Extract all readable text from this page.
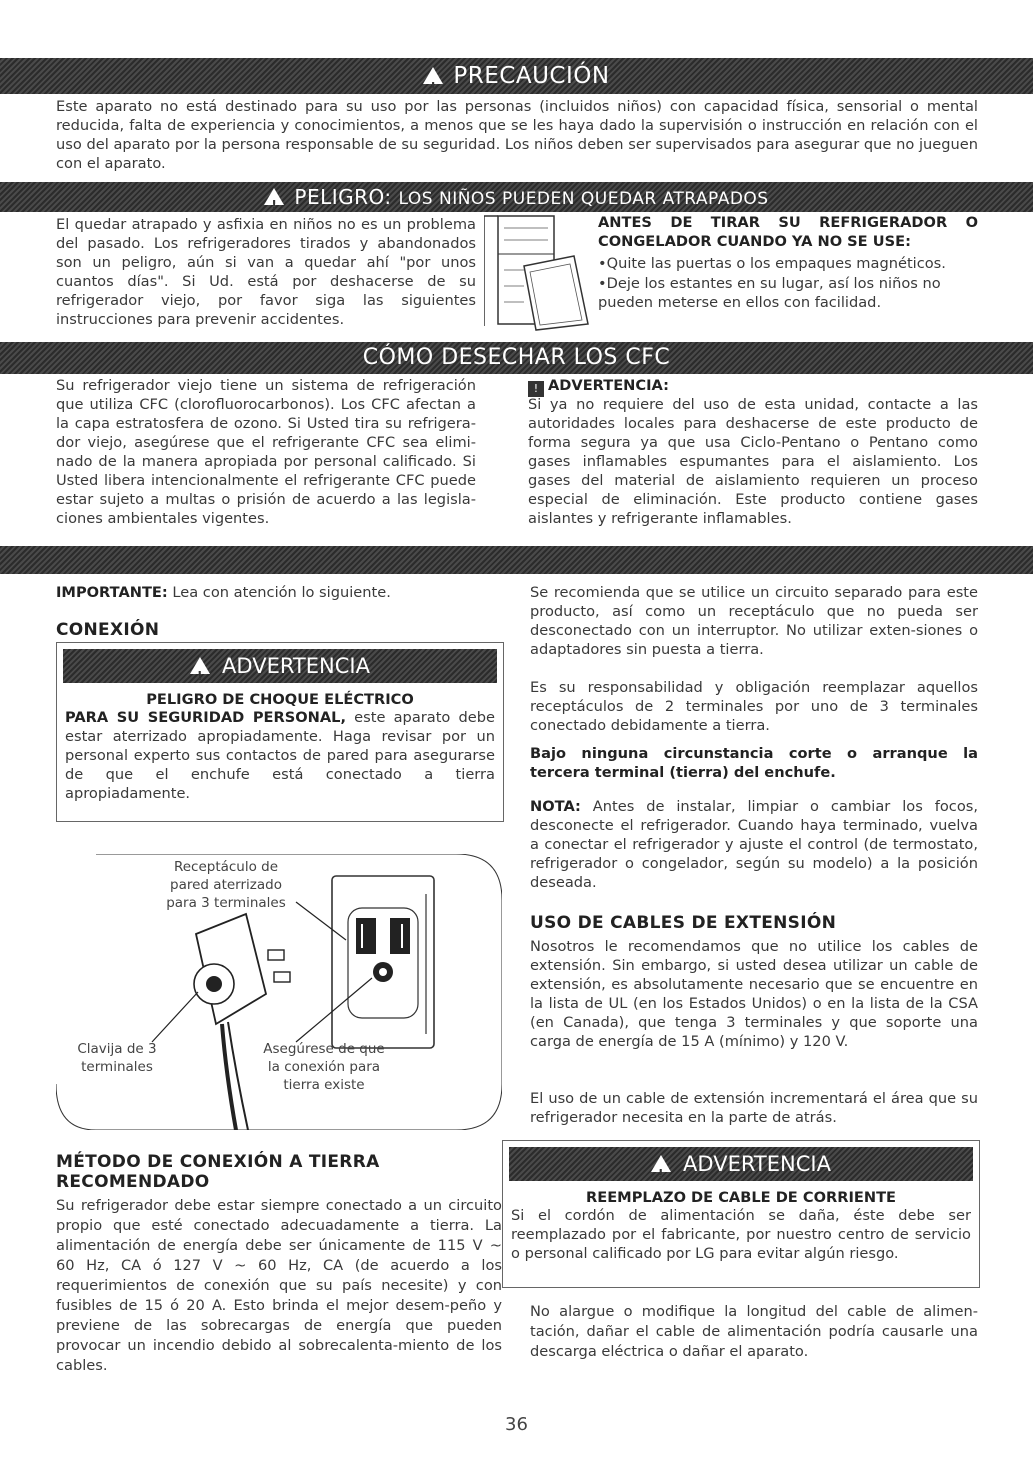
!PRECAUCIÓN
Este aparato no está destinado para su uso por las personas (incluidos niños) con capacidad física, sensorial o mental reducida, falta de experiencia y conocimientos, a menos que se les haya dado la supervisión o instrucción en relación con el uso del aparato por la persona responsable de su seguridad. Los niños deben ser supervisados para asegurar que no jueguen con el aparato.
!PELIGRO: LOS NIÑOS PUEDEN QUEDAR ATRAPADOS
El quedar atrapado y asfixia en niños no es un problema del pasado. Los refrigeradores tirados y abandonados son un peligro, aún si van a quedar ahí "por unos cuantos días". Si Ud. está por deshacerse de su refrigerador viejo, por favor siga las siguientes instrucciones para prevenir accidentes.
ANTES DE TIRAR SU REFRIGERADOR O CONGELADOR CUANDO YA NO SE USE:
•Quite las puertas o los empaques magnéticos.
•Deje los estantes en su lugar, así los niños no pueden meterse en ellos con facilidad.
CÓMO DESECHAR LOS CFC
Su refrigerador viejo tiene un sistema de refrigeración que utiliza CFC (clorofluorocarbonos). Los CFC afectan a la capa estratosfera de ozono. Si Usted tira su refrigera-dor viejo, asegúrese que el refrigerante CFC sea elimi-nado de la manera apropiada por personal calificado. Si Usted libera intencionalmente el refrigerante CFC puede estar sujeto a multas o prisión de acuerdo a las legisla-ciones ambientales vigentes.
! ADVERTENCIA:
Si ya no requiere del uso de esta unidad, contacte a las autoridades locales para deshacerse de este producto de forma segura ya que usa Ciclo-Pentano o Pentano como gases inflamables espumantes para el aislamiento. Los gases del material de aislamiento requieren un proceso especial de eliminación. Este producto contiene gases aislantes y refrigerante inflamables.
IMPORTANTE: Lea con atención lo siguiente.
CONEXIÓN
!ADVERTENCIA
PELIGRO DE CHOQUE ELÉCTRICO
PARA SU SEGURIDAD PERSONAL, este aparato debe estar aterrizado apropiadamente. Haga revisar por un personal experto sus contactos de pared para asegurarse de que el enchufe está conectado a tierra apropiadamente.
Receptáculo de pared aterrizado para 3 terminales
Clavija de 3 terminales
Asegúrese de que la conexión para tierra existe
MÉTODO DE CONEXIÓN A TIERRA RECOMENDADO
Su refrigerador debe estar siempre conectado a un circuito propio que esté conectado adecuadamente a tierra. La alimentación de energía debe ser únicamente de 115 V ~ 60 Hz, CA ó 127 V ~ 60 Hz, CA (de acuerdo a los requerimientos de conexión que su país necesite) y con fusibles de 15 ó 20 A. Esto brinda el mejor desem-peño y previene de las sobrecargas de energía que pueden provocar un incendio debido al sobrecalenta-miento de los cables.
Se recomienda que se utilice un circuito separado para este producto, así como un receptáculo que no pueda ser desconectado con un interruptor. No utilizar exten-siones o adaptadores sin puesta a tierra.
Es su responsabilidad y obligación reemplazar aquellos receptáculos de 2 terminales por uno de 3 terminales conectado debidamente a tierra.
Bajo ninguna circunstancia corte o arranque la tercera terminal (tierra) del enchufe.
NOTA: Antes de instalar, limpiar o cambiar los focos, desconecte el refrigerador. Cuando haya terminado, vuelva a conectar el refrigerador y ajuste el control (de termostato, refrigerador o congelador, según su modelo) a la posición deseada.
USO DE CABLES DE EXTENSIÓN
Nosotros le recomendamos que no utilice los cables de extensión. Sin embargo, si usted desea utilizar un cable de extensión, es absolutamente necesario que se encuentre en la lista de UL (en los Estados Unidos) o en la lista de la CSA (en Canada), que tenga 3 terminales y que soporte una carga de energía de 15 A (mínimo) y 120 V.
El uso de un cable de extensión incrementará el área que su refrigerador necesita en la parte de atrás.
!ADVERTENCIA
REEMPLAZO DE CABLE DE CORRIENTE
Si el cordón de alimentación se daña, éste debe ser reemplazado por el fabricante, por nuestro centro de servicio o personal calificado por LG para evitar algún riesgo.
No alargue o modifique la longitud del cable de alimen-tación, dañar el cable de alimentación podría causarle una descarga eléctrica o dañar el aparato.
36
